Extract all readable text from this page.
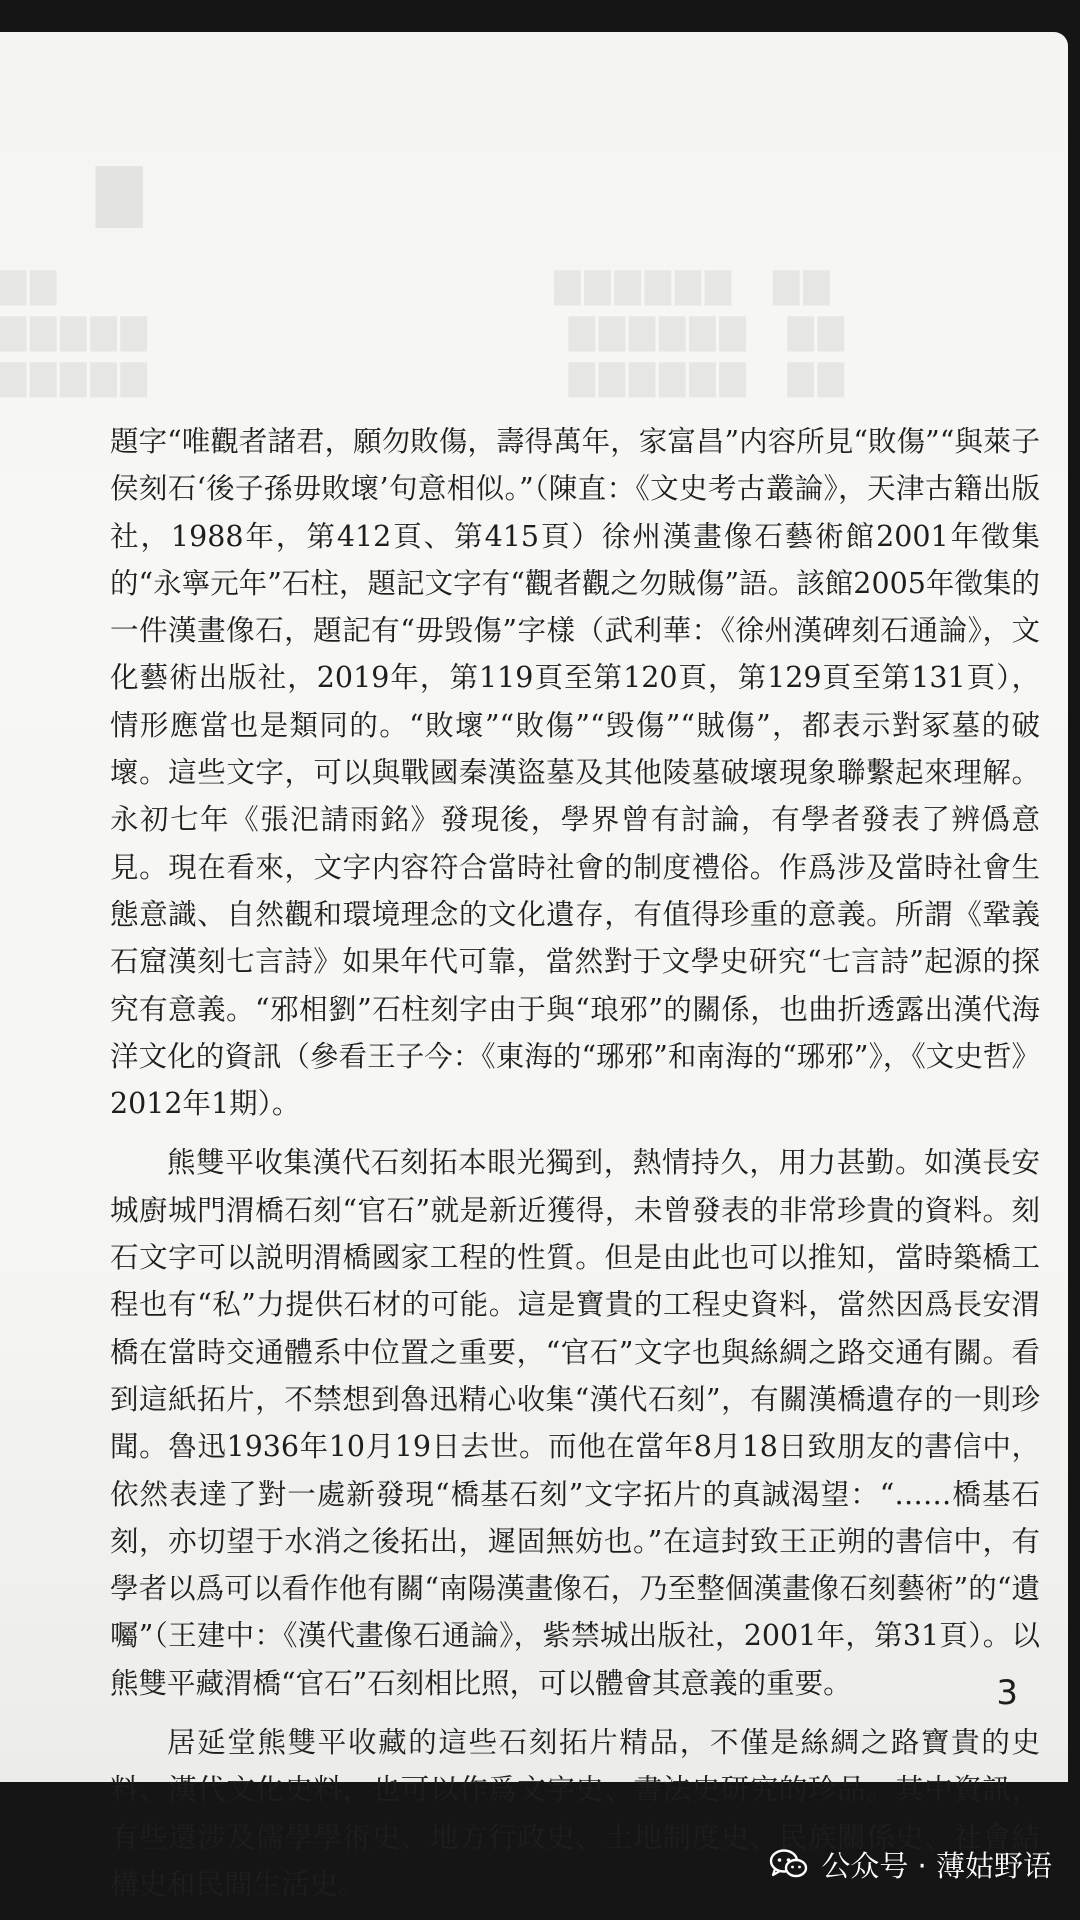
▇
▇▇　　　　　　　　　　　　　▇▇▇▇▇▇　▇▇
▇▇▇▇▇　　　　　　　　　　　▇▇▇▇▇▇　▇▇
▇▇▇▇▇　　　　　　　　　　　▇▇▇▇▇▇　▇▇

題字“唯觀者諸君，願勿敗傷，壽得萬年，家富昌”内容所見“敗傷”“與萊子侯刻石‘後子孫毋敗壞’句意相似。”（陳直：《文史考古叢論》，天津古籍出版社，1988年，第412頁、第415頁）徐州漢畫像石藝術館2001年徵集的“永寧元年”石柱，題記文字有“觀者觀之勿賊傷”語。該館2005年徵集的一件漢畫像石，題記有“毋毁傷”字樣（武利華：《徐州漢碑刻石通論》，文化藝術出版社，2019年，第119頁至第120頁，第129頁至第131頁），情形應當也是類同的。“敗壞”“敗傷”“毁傷”“賊傷”，都表示對冢墓的破壞。這些文字，可以與戰國秦漢盜墓及其他陵墓破壞現象聯繫起來理解。永初七年《張汜請雨銘》發現後，學界曾有討論，有學者發表了辨僞意見。現在看來，文字内容符合當時社會的制度禮俗。作爲涉及當時社會生態意識、自然觀和環境理念的文化遺存，有值得珍重的意義。所謂《鞏義石窟漢刻七言詩》如果年代可靠，當然對于文學史研究“七言詩”起源的探究有意義。“邪相劉”石柱刻字由于與“琅邪”的關係，也曲折透露出漢代海洋文化的資訊（參看王子今：《東海的“琊邪”和南海的“琊邪”》，《文史哲》2012年1期）。

熊雙平收集漢代石刻拓本眼光獨到，熱情持久，用力甚勤。如漢長安城廚城門渭橋石刻“官石”就是新近獲得，未曾發表的非常珍貴的資料。刻石文字可以説明渭橋國家工程的性質。但是由此也可以推知，當時築橋工程也有“私”力提供石材的可能。這是寶貴的工程史資料，當然因爲長安渭橋在當時交通體系中位置之重要，“官石”文字也與絲綢之路交通有關。看到這紙拓片，不禁想到魯迅精心收集“漢代石刻”，有關漢橋遺存的一則珍聞。魯迅1936年10月19日去世。而他在當年8月18日致朋友的書信中，依然表達了對一處新發現“橋基石刻”文字拓片的真誠渴望：“……橋基石刻，亦切望于水消之後拓出，遲固無妨也。”在這封致王正朔的書信中，有學者以爲可以看作他有關“南陽漢畫像石，乃至整個漢畫像石刻藝術”的“遺囑”（王建中：《漢代畫像石通論》，紫禁城出版社，2001年，第31頁）。以熊雙平藏渭橋“官石”石刻相比照，可以體會其意義的重要。

居延堂熊雙平收藏的這些石刻拓片精品，不僅是絲綢之路寶貴的史料、漢代文化史料，也可以作爲文字史、書法史研究的珍品。其中資訊，有些還涉及儒學學術史、地方行政史、土地制度史、民族關係史、社會結構史和民間生活史。

3
公众号 · 薄姑野语
